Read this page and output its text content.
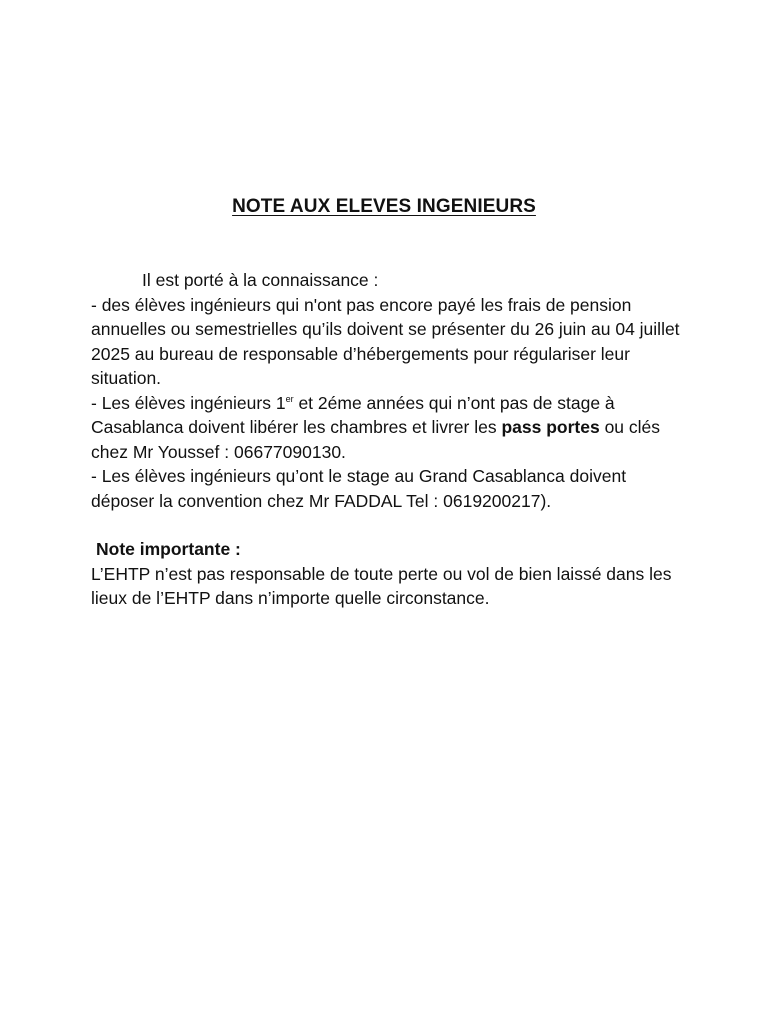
NOTE AUX ELEVES INGENIEURS

Il est porté à la connaissance :

- des élèves ingénieurs qui n'ont pas encore payé les frais de pension annuelles ou semestrielles qu’ils doivent se présenter du 26 juin au 04 juillet 2025 au bureau de responsable d’hébergements pour régulariser leur situation.

- Les élèves ingénieurs 1er et 2éme années qui n’ont pas de stage à Casablanca doivent libérer les chambres et livrer les pass portes ou clés chez Mr Youssef : 06677090130.

- Les élèves ingénieurs qu’ont le stage au Grand Casablanca doivent déposer la convention chez Mr FADDAL Tel : 0619200217).

Note importante :

L’EHTP n’est pas responsable de toute perte ou vol de bien laissé dans les lieux de l’EHTP dans n’importe quelle circonstance.
